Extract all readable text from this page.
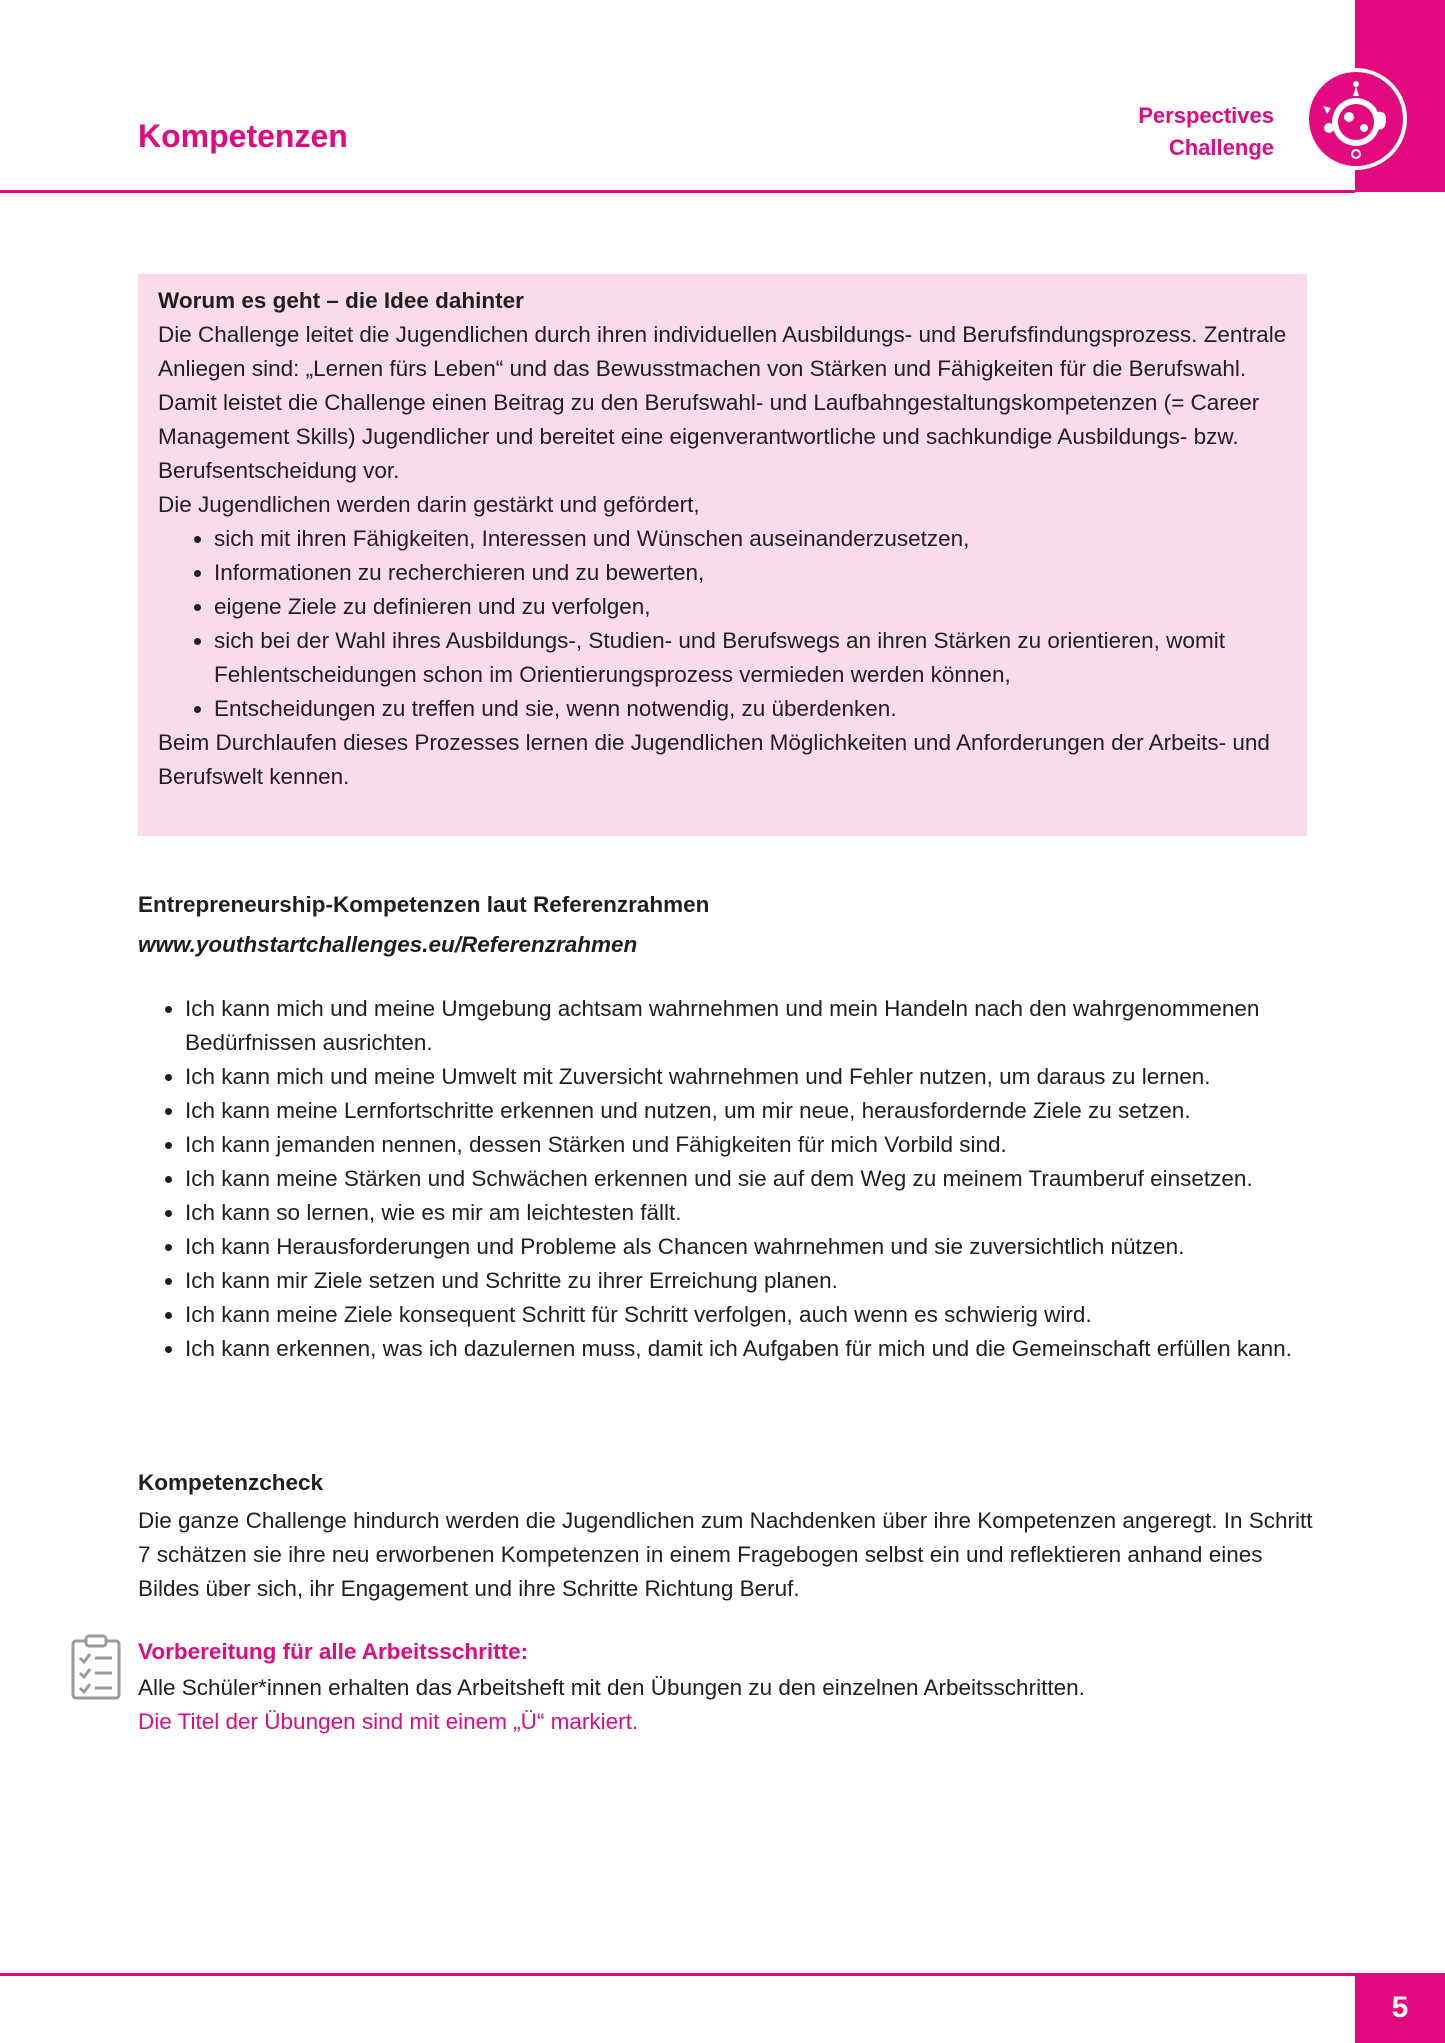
Kompetenzen
Perspectives
Challenge
Worum es geht – die Idee dahinter

Die Challenge leitet die Jugendlichen durch ihren individuellen Ausbildungs- und Berufsfindungsprozess. Zentrale Anliegen sind: „Lernen fürs Leben“ und das Bewusstmachen von Stärken und Fähigkeiten für die Berufswahl.

Damit leistet die Challenge einen Beitrag zu den Berufswahl- und Laufbahngestaltungskompetenzen (= Career Management Skills) Jugendlicher und bereitet eine eigenverantwortliche und sachkundige Ausbildungs- bzw. Berufsentscheidung vor.

Die Jugendlichen werden darin gestärkt und gefördert,

• sich mit ihren Fähigkeiten, Interessen und Wünschen auseinanderzusetzen,
• Informationen zu recherchieren und zu bewerten,
• eigene Ziele zu definieren und zu verfolgen,
• sich bei der Wahl ihres Ausbildungs-, Studien- und Berufswegs an ihren Stärken zu orientieren, womit Fehlentscheidungen schon im Orientierungsprozess vermieden werden können,
• Entscheidungen zu treffen und sie, wenn notwendig, zu überdenken.

Beim Durchlaufen dieses Prozesses lernen die Jugendlichen Möglichkeiten und Anforderungen der Arbeits- und Berufswelt kennen.

Entrepreneurship-Kompetenzen laut Referenzrahmen
www.youthstartchallenges.eu/Referenzrahmen
• Ich kann mich und meine Umgebung achtsam wahrnehmen und mein Handeln nach den wahrgenommenen Bedürfnissen ausrichten.
• Ich kann mich und meine Umwelt mit Zuversicht wahrnehmen und Fehler nutzen, um daraus zu lernen.
• Ich kann meine Lernfortschritte erkennen und nutzen, um mir neue, herausfordernde Ziele zu setzen.
• Ich kann jemanden nennen, dessen Stärken und Fähigkeiten für mich Vorbild sind.
• Ich kann meine Stärken und Schwächen erkennen und sie auf dem Weg zu meinem Traumberuf einsetzen.
• Ich kann so lernen, wie es mir am leichtesten fällt.
• Ich kann Herausforderungen und Probleme als Chancen wahrnehmen und sie zuversichtlich nützen.
• Ich kann mir Ziele setzen und Schritte zu ihrer Erreichung planen.
• Ich kann meine Ziele konsequent Schritt für Schritt verfolgen, auch wenn es schwierig wird.
• Ich kann erkennen, was ich dazulernen muss, damit ich Aufgaben für mich und die Gemeinschaft erfüllen kann.
Kompetenzcheck

Die ganze Challenge hindurch werden die Jugendlichen zum Nachdenken über ihre Kompetenzen angeregt. In Schritt 7 schätzen sie ihre neu erworbenen Kompetenzen in einem Fragebogen selbst ein und reflektieren anhand eines Bildes über sich, ihr Engagement und ihre Schritte Richtung Beruf.

Vorbereitung für alle Arbeitsschritte:

Alle Schüler*innen erhalten das Arbeitsheft mit den Übungen zu den einzelnen Arbeitsschritten.

Die Titel der Übungen sind mit einem „Ü“ markiert.

5
